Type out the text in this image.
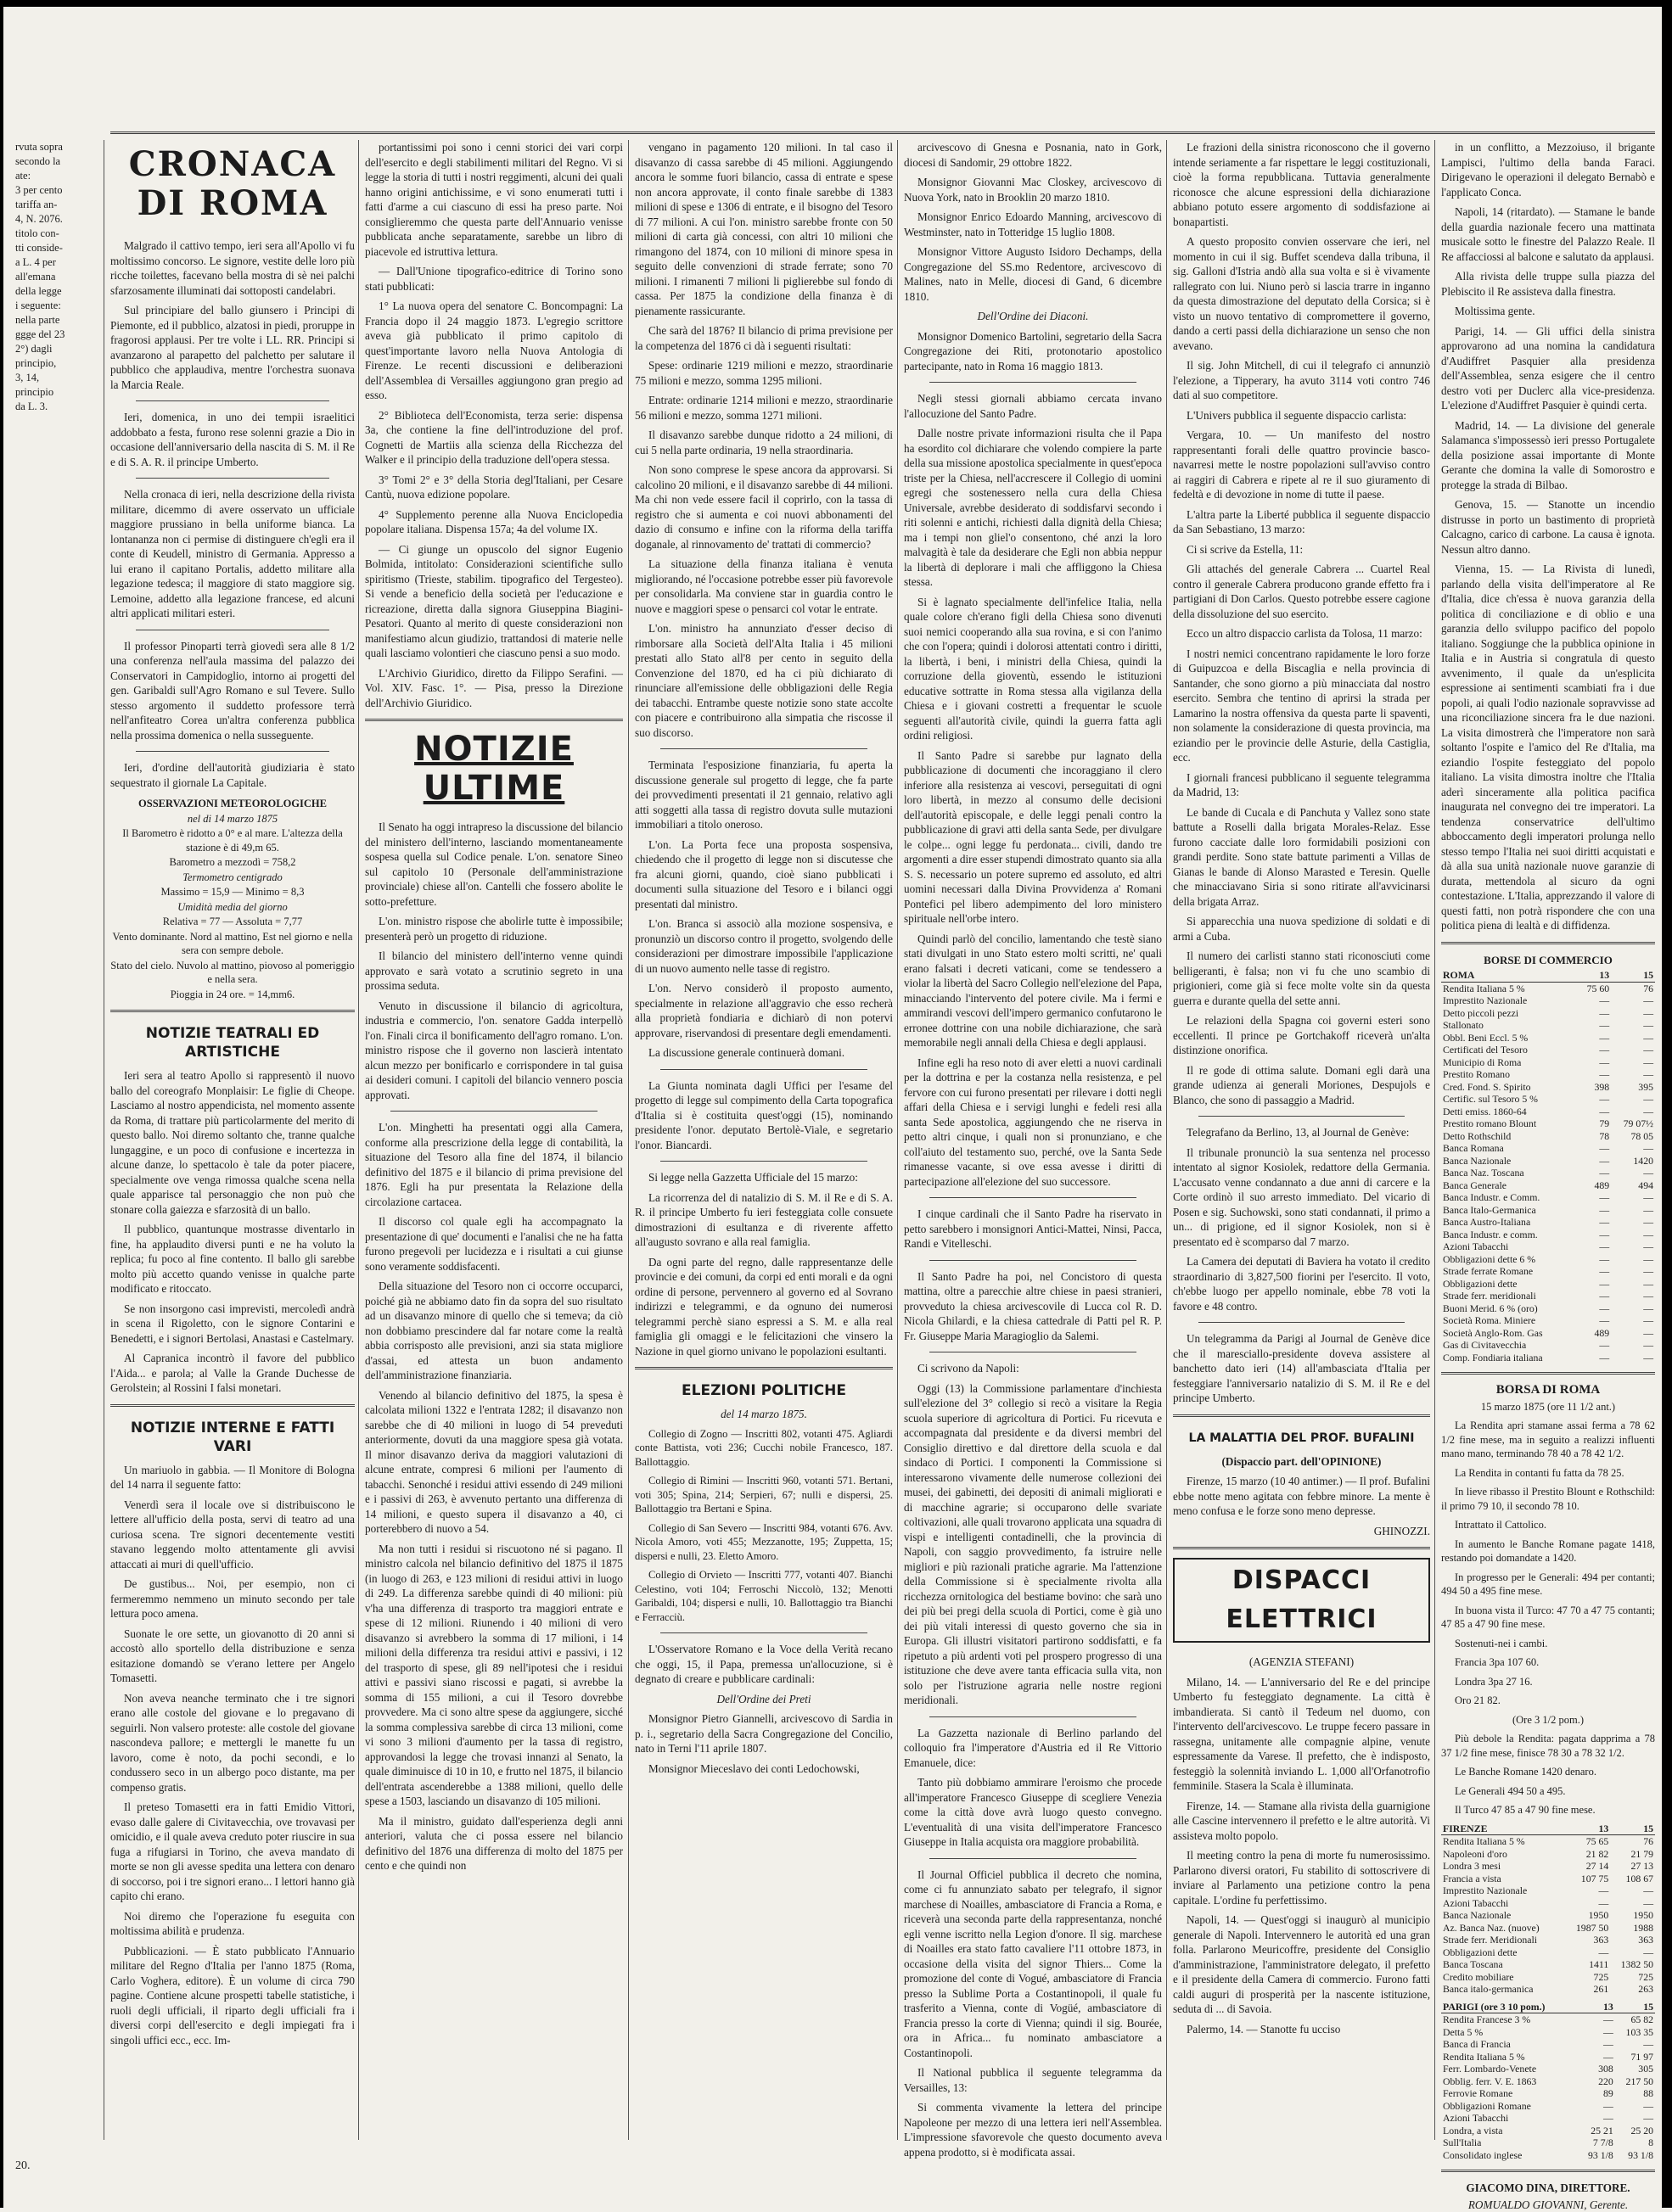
rvuta sopra
secondo la
ate:
3 per cento
tariffa an-
4, N. 2076.
titolo con-
tti conside-
a L. 4 per
all'emana
della legge
i seguente:
nella parte
ggge del 23
2°) dagli
principio,
3, 14,
principio
da L. 3.
CRONACA DI ROMA

Malgrado il cattivo tempo, ieri sera all'Apollo vi fu moltissimo concorso. Le signore, vestite delle loro più ricche toilettes, facevano bella mostra di sè nei palchi sfarzosamente illuminati dai sottoposti candelabri.

Sul principiare del ballo giunsero i Principi di Piemonte, ed il pubblico, alzatosi in piedi, proruppe in fragorosi applausi. Per tre volte i LL. RR. Principi si avanzarono al parapetto del palchetto per salutare il pubblico che applaudiva, mentre l'orchestra suonava la Marcia Reale.

Ieri, domenica, in uno dei tempii israelitici addobbato a festa, furono rese solenni grazie a Dio in occasione dell'anniversario della nascita di S. M. il Re e di S. A. R. il principe Umberto.

Nella cronaca di ieri, nella descrizione della rivista militare, dicemmo di avere osservato un ufficiale maggiore prussiano in bella uniforme bianca. La lontananza non ci permise di distinguere ch'egli era il conte di Keudell, ministro di Germania. Appresso a lui erano il capitano Portalis, addetto militare alla legazione tedesca; il maggiore di stato maggiore sig. Lemoine, addetto alla legazione francese, ed alcuni altri applicati militari esteri.

Il professor Pinoparti terrà giovedì sera alle 8 1/2 una conferenza nell'aula massima del palazzo dei Conservatori in Campidoglio, intorno ai progetti del gen. Garibaldi sull'Agro Romano e sul Tevere. Sullo stesso argomento il suddetto professore terrà nell'anfiteatro Corea un'altra conferenza pubblica nella prossima domenica o nella susseguente.

Ieri, d'ordine dell'autorità giudiziaria è stato sequestrato il giornale La Capitale.

OSSERVAZIONI METEOROLOGICHE
nel di 14 marzo 1875
Il Barometro è ridotto a 0° e al mare. L'altezza della stazione è di 49,m 65.
Barometro a mezzodì = 758,2
Termometro centigrado
Massimo = 15,9 — Minimo = 8,3
Umidità media del giorno
Relativa = 77 — Assoluta = 7,77
Vento dominante. Nord al mattino, Est nel giorno e nella sera con sempre debole.
Stato del cielo. Nuvolo al mattino, piovoso al pomeriggio e nella sera.
Pioggia in 24 ore. = 14,mm6.
NOTIZIE TEATRALI ED ARTISTICHE

Ieri sera al teatro Apollo si rappresentò il nuovo ballo del coreografo Monplaisir: Le figlie di Cheope. Lasciamo al nostro appendicista, nel momento assente da Roma, di trattare più particolarmente del merito di questo ballo. Noi diremo soltanto che, tranne qualche lungaggine, e un poco di confusione e incertezza in alcune danze, lo spettacolo è tale da poter piacere, specialmente ove venga rimossa qualche scena nella quale apparisce tal personaggio che non può che stonare colla gaiezza e sfarzosità di un ballo.

Il pubblico, quantunque mostrasse diventarlo in fine, ha applaudito diversi punti e ne ha voluto la replica; fu poco al fine contento. Il ballo gli sarebbe molto più accetto quando venisse in qualche parte modificato e ritoccato.

Se non insorgono casi imprevisti, mercoledì andrà in scena il Rigoletto, con le signore Contarini e Benedetti, e i signori Bertolasi, Anastasi e Castelmary.

Al Capranica incontrò il favore del pubblico l'Aida... e parola; al Valle la Grande Duchesse de Gerolstein; al Rossini I falsi monetari.

NOTIZIE INTERNE E FATTI VARI

Un mariuolo in gabbia. — Il Monitore di Bologna del 14 narra il seguente fatto:

Venerdì sera il locale ove si distribuiscono le lettere all'ufficio della posta, servi di teatro ad una curiosa scena. Tre signori decentemente vestiti stavano leggendo molto attentamente gli avvisi attaccati ai muri di quell'ufficio.

De gustibus... Noi, per esempio, non ci fermeremmo nemmeno un minuto secondo per tale lettura poco amena.

Suonate le ore sette, un giovanotto di 20 anni si accostò allo sportello della distribuzione e senza esitazione domandò se v'erano lettere per Angelo Tomasetti.

Non aveva neanche terminato che i tre signori erano alle costole del giovane e lo pregavano di seguirli. Non valsero proteste: alle costole del giovane nascondeva pallore; e mettergli le manette fu un lavoro, come è noto, da pochi secondi, e lo condussero seco in un albergo poco distante, ma per compenso gratis.

Il preteso Tomasetti era in fatti Emidio Vittori, evaso dalle galere di Civitavecchia, ove trovavasi per omicidio, e il quale aveva creduto poter riuscire in sua fuga a rifugiarsi in Torino, che aveva mandato di morte se non gli avesse spedita una lettera con denaro di soccorso, poi i tre signori erano... I lettori hanno già capito chi erano.

Noi diremo che l'operazione fu eseguita con moltissima abilità e prudenza.

Pubblicazioni. — È stato pubblicato l'Annuario militare del Regno d'Italia per l'anno 1875 (Roma, Carlo Voghera, editore). È un volume di circa 790 pagine. Contiene alcune prospetti tabelle statistiche, i ruoli degli ufficiali, il riparto degli ufficiali fra i diversi corpi dell'esercito e degli impiegati fra i singoli uffici ecc., ecc. Im-

portantissimi poi sono i cenni storici dei vari corpi dell'esercito e degli stabilimenti militari del Regno. Vi si legge la storia di tutti i nostri reggimenti, alcuni dei quali hanno origini antichissime, e vi sono enumerati tutti i fatti d'arme a cui ciascuno di essi ha preso parte. Noi consiglieremmo che questa parte dell'Annuario venisse pubblicata anche separatamente, sarebbe un libro di piacevole ed istruttiva lettura.

— Dall'Unione tipografico-editrice di Torino sono stati pubblicati:

1° La nuova opera del senatore C. Boncompagni: La Francia dopo il 24 maggio 1873. L'egregio scrittore aveva già pubblicato il primo capitolo di quest'importante lavoro nella Nuova Antologia di Firenze. Le recenti discussioni e deliberazioni dell'Assemblea di Versailles aggiungono gran pregio ad esso.

2° Biblioteca dell'Economista, terza serie: dispensa 3a, che contiene la fine dell'introduzione del prof. Cognetti de Martiis alla scienza della Ricchezza del Walker e il principio della traduzione dell'opera stessa.

3° Tomi 2° e 3° della Storia degl'Italiani, per Cesare Cantù, nuova edizione popolare.

4° Supplemento perenne alla Nuova Enciclopedia popolare italiana. Dispensa 157a; 4a del volume IX.

— Ci giunge un opuscolo del signor Eugenio Bolmida, intitolato: Considerazioni scientifiche sullo spiritismo (Trieste, stabilim. tipografico del Tergesteo). Si vende a beneficio della società per l'educazione e ricreazione, diretta dalla signora Giuseppina Biagini-Pesatori. Quanto al merito di queste considerazioni non manifestiamo alcun giudizio, trattandosi di materie nelle quali lasciamo volontieri che ciascuno pensi a suo modo.

L'Archivio Giuridico, diretto da Filippo Serafini. — Vol. XIV. Fasc. 1°. — Pisa, presso la Direzione dell'Archivio Giuridico.

NOTIZIE ULTIME

Il Senato ha oggi intrapreso la discussione del bilancio del ministero dell'interno, lasciando momentaneamente sospesa quella sul Codice penale. L'on. senatore Sineo sul capitolo 10 (Personale dell'amministrazione provinciale) chiese all'on. Cantelli che fossero abolite le sotto-prefetture.

L'on. ministro rispose che abolirle tutte è impossibile; presenterà però un progetto di riduzione.

Il bilancio del ministero dell'interno venne quindi approvato e sarà votato a scrutinio segreto in una prossima seduta.

Venuto in discussione il bilancio di agricoltura, industria e commercio, l'on. senatore Gadda interpellò l'on. Finali circa il bonificamento dell'agro romano. L'on. ministro rispose che il governo non lascierà intentato alcun mezzo per bonificarlo e corrispondere in tal guisa ai desideri comuni. I capitoli del bilancio vennero poscia approvati.

L'on. Minghetti ha presentati oggi alla Camera, conforme alla prescrizione della legge di contabilità, la situazione del Tesoro alla fine del 1874, il bilancio definitivo del 1875 e il bilancio di prima previsione del 1876. Egli ha pur presentata la Relazione della circolazione cartacea.

Il discorso col quale egli ha accompagnato la presentazione di que' documenti e l'analisi che ne ha fatta furono pregevoli per lucidezza e i risultati a cui giunse sono veramente soddisfacenti.

Della situazione del Tesoro non ci occorre occuparci, poiché già ne abbiamo dato fin da sopra del suo risultato ad un disavanzo minore di quello che si temeva; da ciò non dobbiamo prescindere dal far notare come la realtà abbia corrisposto alle previsioni, anzi sia stata migliore d'assai, ed attesta un buon andamento dell'amministrazione finanziaria.

Venendo al bilancio definitivo del 1875, la spesa è calcolata milioni 1322 e l'entrata 1282; il disavanzo non sarebbe che di 40 milioni in luogo di 54 preveduti anteriormente, dovuti da una maggiore spesa già votata. Il minor disavanzo deriva da maggiori valutazioni di alcune entrate, compresi 6 milioni per l'aumento di tabacchi. Senonché i residui attivi essendo di 249 milioni e i passivi di 263, è avvenuto pertanto una differenza di 14 milioni, e questo supera il disavanzo a 40, ci porterebbero di nuovo a 54.

Ma non tutti i residui si riscuotono né si pagano. Il ministro calcola nel bilancio definitivo del 1875 il 1875 (in luogo di 263, e 123 milioni di residui attivi in luogo di 249. La differenza sarebbe quindi di 40 milioni: più v'ha una differenza di trasporto tra maggiori entrate e spese di 12 milioni. Riunendo i 40 milioni di vero disavanzo si avrebbero la somma di 17 milioni, i 14 milioni della differenza tra residui attivi e passivi, i 12 del trasporto di spese, gli 89 nell'ipotesi che i residui attivi e passivi siano riscossi e pagati, si avrebbe la somma di 155 milioni, a cui il Tesoro dovrebbe provvedere. Ma ci sono altre spese da aggiungere, sicché la somma complessiva sarebbe di circa 13 milioni, come vi sono 3 milioni d'aumento per la tassa di registro, approvandosi la legge che trovasi innanzi al Senato, la quale diminuisce di 10 in 10, e frutto nel 1875, il bilancio dell'entrata ascenderebbe a 1388 milioni, quello delle spese a 1503, lasciando un disavanzo di 105 milioni.

Ma il ministro, guidato dall'esperienza degli anni anteriori, valuta che ci possa essere nel bilancio definitivo del 1876 una differenza di molto del 1875 per cento e che quindi non

vengano in pagamento 120 milioni. In tal caso il disavanzo di cassa sarebbe di 45 milioni. Aggiungendo ancora le somme fuori bilancio, cassa di entrate e spese non ancora approvate, il conto finale sarebbe di 1383 milioni di spese e 1306 di entrate, e il bisogno del Tesoro di 77 milioni. A cui l'on. ministro sarebbe fronte con 50 milioni di carta già concessi, con altri 10 milioni che rimangono del 1874, con 10 milioni di minore spesa in seguito delle convenzioni di strade ferrate; sono 70 milioni. I rimanenti 7 milioni li piglierebbe sul fondo di cassa. Per 1875 la condizione della finanza è di pienamente rassicurante.

Che sarà del 1876? Il bilancio di prima previsione per la competenza del 1876 ci dà i seguenti risultati:

Spese: ordinarie 1219 milioni e mezzo, straordinarie 75 milioni e mezzo, somma 1295 milioni.

Entrate: ordinarie 1214 milioni e mezzo, straordinarie 56 milioni e mezzo, somma 1271 milioni.

Il disavanzo sarebbe dunque ridotto a 24 milioni, di cui 5 nella parte ordinaria, 19 nella straordinaria.

Non sono comprese le spese ancora da approvarsi. Si calcolino 20 milioni, e il disavanzo sarebbe di 44 milioni. Ma chi non vede essere facil il coprirlo, con la tassa di registro che si aumenta e coi nuovi abbonamenti del dazio di consumo e infine con la riforma della tariffa doganale, al rinnovamento de' trattati di commercio?

La situazione della finanza italiana è venuta migliorando, né l'occasione potrebbe esser più favorevole per consolidarla. Ma conviene star in guardia contro le nuove e maggiori spese o pensarci col votar le entrate.

L'on. ministro ha annunziato d'esser deciso di rimborsare alla Società dell'Alta Italia i 45 milioni prestati allo Stato all'8 per cento in seguito della Convenzione del 1870, ed ha ci più dichiarato di rinunciare all'emissione delle obbligazioni delle Regia dei tabacchi. Entrambe queste notizie sono state accolte con piacere e contribuirono alla simpatia che riscosse il suo discorso.

Terminata l'esposizione finanziaria, fu aperta la discussione generale sul progetto di legge, che fa parte dei provvedimenti presentati il 21 gennaio, relativo agli atti soggetti alla tassa di registro dovuta sulle mutazioni immobiliari a titolo oneroso.

L'on. La Porta fece una proposta sospensiva, chiedendo che il progetto di legge non si discutesse che fra alcuni giorni, quando, cioè siano pubblicati i documenti sulla situazione del Tesoro e i bilanci oggi presentati dal ministro.

L'on. Branca si associò alla mozione sospensiva, e pronunziò un discorso contro il progetto, svolgendo delle considerazioni per dimostrare impossibile l'applicazione di un nuovo aumento nelle tasse di registro.

L'on. Nervo considerò il proposto aumento, specialmente in relazione all'aggravio che esso recherà alla proprietà fondiaria e dichiarò di non potervi approvare, riservandosi di presentare degli emendamenti.

La discussione generale continuerà domani.

La Giunta nominata dagli Uffici per l'esame del progetto di legge sul compimento della Carta topografica d'Italia si è costituita quest'oggi (15), nominando presidente l'onor. deputato Bertolè-Viale, e segretario l'onor. Biancardi.

Si legge nella Gazzetta Ufficiale del 15 marzo:

La ricorrenza del di natalizio di S. M. il Re e di S. A. R. il principe Umberto fu ieri festeggiata colle consuete dimostrazioni di esultanza e di riverente affetto all'augusto sovrano e alla real famiglia.

Da ogni parte del regno, dalle rappresentanze delle provincie e dei comuni, da corpi ed enti morali e da ogni ordine di persone, pervennero al governo ed al Sovrano indirizzi e telegrammi, e da ognuno dei numerosi telegrammi perchè siano espressi a S. M. e alla real famiglia gli omaggi e le felicitazioni che vinsero la Nazione in quel giorno univano le popolazioni esultanti.

ELEZIONI POLITICHE

del 14 marzo 1875.

Collegio di Zogno — Inscritti 802, votanti 475. Agliardi conte Battista, voti 236; Cucchi nobile Francesco, 187. Ballottaggio.

Collegio di Rimini — Inscritti 960, votanti 571. Bertani, voti 305; Spina, 214; Serpieri, 67; nulli e dispersi, 25. Ballottaggio tra Bertani e Spina.

Collegio di San Severo — Inscritti 984, votanti 676. Avv. Nicola Amoro, voti 455; Mezzanotte, 195; Zuppetta, 15; dispersi e nulli, 23. Eletto Amoro.

Collegio di Orvieto — Inscritti 777, votanti 407. Bianchi Celestino, voti 104; Ferroschi Niccolò, 132; Menotti Garibaldi, 104; dispersi e nulli, 10. Ballottaggio tra Bianchi e Ferracciù.

L'Osservatore Romano e la Voce della Verità recano che oggi, 15, il Papa, premessa un'allocuzione, si è degnato di creare e pubblicare cardinali:

Dell'Ordine dei Preti

Monsignor Pietro Giannelli, arcivescovo di Sardia in p. i., segretario della Sacra Congregazione del Concilio, nato in Terni l'11 aprile 1807.

Monsignor Mieceslavo dei conti Ledochowski,

arcivescovo di Gnesna e Posnania, nato in Gork, diocesi di Sandomir, 29 ottobre 1822.

Monsignor Giovanni Mac Closkey, arcivescovo di Nuova York, nato in Brooklin 20 marzo 1810.

Monsignor Enrico Edoardo Manning, arcivescovo di Westminster, nato in Totteridge 15 luglio 1808.

Monsignor Vittore Augusto Isidoro Dechamps, della Congregazione del SS.mo Redentore, arcivescovo di Malines, nato in Melle, diocesi di Gand, 6 dicembre 1810.

Dell'Ordine dei Diaconi.

Monsignor Domenico Bartolini, segretario della Sacra Congregazione dei Riti, protonotario apostolico partecipante, nato in Roma 16 maggio 1813.

Negli stessi giornali abbiamo cercata invano l'allocuzione del Santo Padre.

Dalle nostre private informazioni risulta che il Papa ha esordito col dichiarare che volendo compiere la parte della sua missione apostolica specialmente in quest'epoca triste per la Chiesa, nell'accrescere il Collegio di uomini egregi che sostenessero nella cura della Chiesa Universale, avrebbe desiderato di soddisfarvi secondo i riti solenni e antichi, richiesti dalla dignità della Chiesa; ma i tempi non gliel'o consentono, ché anzi la loro malvagità è tale da desiderare che Egli non abbia neppur la libertà di deplorare i mali che affliggono la Chiesa stessa.

Si è lagnato specialmente dell'infelice Italia, nella quale colore ch'erano figli della Chiesa sono divenuti suoi nemici cooperando alla sua rovina, e si con l'animo che con l'opera; quindi i dolorosi attentati contro i diritti, la libertà, i beni, i ministri della Chiesa, quindi la corruzione della gioventù, essendo le istituzioni educative sottratte in Roma stessa alla vigilanza della Chiesa e i giovani costretti a frequentar le scuole seguenti all'autorità civile, quindi la guerra fatta agli ordini religiosi.

Il Santo Padre si sarebbe pur lagnato della pubblicazione di documenti che incoraggiano il clero inferiore alla resistenza ai vescovi, perseguitati di ogni loro libertà, in mezzo al consumo delle decisioni dell'autorità episcopale, e delle leggi penali contro la pubblicazione di gravi atti della santa Sede, per divulgare le colpe... ogni legge fu perdonata... civili, dando tre argomenti a dire esser stupendi dimostrato quanto sia alla S. S. necessario un potere supremo ed assoluto, ed altri uomini necessari dalla Divina Provvidenza a' Romani Pontefici pel libero adempimento del loro ministero spirituale nell'orbe intero.

Quindi parlò del concilio, lamentando che testè siano stati divulgati in uno Stato estero molti scritti, ne' quali erano falsati i decreti vaticani, come se tendessero a violar la libertà del Sacro Collegio nell'elezione del Papa, minacciando l'intervento del potere civile. Ma i fermi e ammirandi vescovi dell'impero germanico confutarono le erronee dottrine con una nobile dichiarazione, che sarà memorabile negli annali della Chiesa e degli applausi.

Infine egli ha reso noto di aver eletti a nuovi cardinali per la dottrina e per la costanza nella resistenza, e pel fervore con cui furono presentati per rilevare i dotti negli affari della Chiesa e i servigi lunghi e fedeli resi alla santa Sede apostolica, aggiungendo che ne riserva in petto altri cinque, i quali non si pronunziano, e che coll'aiuto del testamento suo, perché, ove la Santa Sede rimanesse vacante, si ove essa avesse i diritti di partecipazione all'elezione del suo successore.

I cinque cardinali che il Santo Padre ha riservato in petto sarebbero i monsignori Antici-Mattei, Ninsi, Pacca, Randi e Vitelleschi.

Il Santo Padre ha poi, nel Concistoro di questa mattina, oltre a parecchie altre chiese in paesi stranieri, provveduto la chiesa arcivescovile di Lucca col R. D. Nicola Ghilardi, e la chiesa cattedrale di Patti pel R. P. Fr. Giuseppe Maria Maragioglio da Salemi.

Ci scrivono da Napoli:

Oggi (13) la Commissione parlamentare d'inchiesta sull'elezione del 3° collegio si recò a visitare la Regia scuola superiore di agricoltura di Portici. Fu ricevuta e accompagnata dal presidente e da diversi membri del Consiglio direttivo e dal direttore della scuola e dal sindaco di Portici. I componenti la Commissione si interessarono vivamente delle numerose collezioni dei musei, dei gabinetti, dei depositi di animali migliorati e di macchine agrarie; si occuparono delle svariate coltivazioni, alle quali trovarono applicata una squadra di vispi e intelligenti contadinelli, che la provincia di Napoli, con saggio provvedimento, fa istruire nelle migliori e più razionali pratiche agrarie. Ma l'attenzione della Commissione si è specialmente rivolta alla ricchezza ornitologica del bestiame bovino: che sarà uno dei più bei pregi della scuola di Portici, come è già uno dei più vitali interessi di questo governo che sia in Europa. Gli illustri visitatori partirono soddisfatti, e fa ripetuto a più ardenti voti pel prospero progresso di una istituzione che deve avere tanta efficacia sulla vita, non solo per l'istruzione agraria nelle nostre regioni meridionali.

La Gazzetta nazionale di Berlino parlando del colloquio fra l'imperatore d'Austria ed il Re Vittorio Emanuele, dice:

Tanto più dobbiamo ammirare l'eroismo che procede all'imperatore Francesco Giuseppe di scegliere Venezia come la città dove avrà luogo questo convegno. L'eventualità di una visita dell'imperatore Francesco Giuseppe in Italia acquista ora maggiore probabilità.

Il Journal Officiel pubblica il decreto che nomina, come ci fu annunziato sabato per telegrafo, il signor marchese di Noailles, ambasciatore di Francia a Roma, e riceverà una seconda parte della rappresentanza, nonché egli venne iscritto nella Legion d'onore. Il sig. marchese di Noailles era stato fatto cavaliere l'11 ottobre 1873, in occasione della visita del signor Thiers... Come la promozione del conte di Vogué, ambasciatore di Francia presso la Sublime Porta a Costantinopoli, il quale fu trasferito a Vienna, conte di Vogüé, ambasciatore di Francia presso la corte di Vienna; quindi il sig. Bourée, ora in Africa... fu nominato ambasciatore a Costantinopoli.

Il National pubblica il seguente telegramma da Versailles, 13:

Si commenta vivamente la lettera del principe Napoleone per mezzo di una lettera ieri nell'Assemblea. L'impressione sfavorevole che questo documento aveva appena prodotto, si è modificata assai.

Le frazioni della sinistra riconoscono che il governo intende seriamente a far rispettare le leggi costituzionali, cioè la forma repubblicana. Tuttavia generalmente riconosce che alcune espressioni della dichiarazione abbiano potuto essere argomento di soddisfazione ai bonapartisti.

A questo proposito convien osservare che ieri, nel momento in cui il sig. Buffet scendeva dalla tribuna, il sig. Galloni d'Istria andò alla sua volta e si è vivamente rallegrato con lui. Niuno però si lascia trarre in inganno da questa dimostrazione del deputato della Corsica; si è visto un nuovo tentativo di compromettere il governo, dando a certi passi della dichiarazione un senso che non avevano.

Il sig. John Mitchell, di cui il telegrafo ci annunziò l'elezione, a Tipperary, ha avuto 3114 voti contro 746 dati al suo competitore.

L'Univers pubblica il seguente dispaccio carlista:

Vergara, 10. — Un manifesto del nostro rappresentanti forali delle quattro provincie basco-navarresi mette le nostre popolazioni sull'avviso contro ai raggiri di Cabrera e ripete al re il suo giuramento di fedeltà e di devozione in nome di tutte il paese.

L'altra parte la Liberté pubblica il seguente dispaccio da San Sebastiano, 13 marzo:

Ci si scrive da Estella, 11:

Gli attachés del generale Cabrera ... Cuartel Real contro il generale Cabrera producono grande effetto fra i partigiani di Don Carlos. Questo potrebbe essere cagione della dissoluzione del suo esercito.

Ecco un altro dispaccio carlista da Tolosa, 11 marzo:

I nostri nemici concentrano rapidamente le loro forze di Guipuzcoa e della Biscaglia e nella provincia di Santander, che sono giorno a più minacciata dal nostro esercito. Sembra che tentino di aprirsi la strada per Lamarino la nostra offensiva da questa parte li spaventi, non solamente la considerazione di questa provincia, ma eziandio per le provincie delle Asturie, della Castiglia, ecc.

I giornali francesi pubblicano il seguente telegramma da Madrid, 13:

Le bande di Cucala e di Panchuta y Vallez sono state battute a Roselli dalla brigata Morales-Relaz. Esse furono cacciate dalle loro formidabili posizioni con grandi perdite. Sono state battute parimenti a Villas de Gianas le bande di Alonso Marasted e Teresin. Quelle che minacciavano Siria si sono ritirate all'avvicinarsi della brigata Arraz.

Si apparecchia una nuova spedizione di soldati e di armi a Cuba.

Il numero dei carlisti stanno stati riconosciuti come belligeranti, è falsa; non vi fu che uno scambio di prigionieri, come già si fece molte volte sin da questa guerra e durante quella del sette anni.

Le relazioni della Spagna coi governi esteri sono eccellenti. Il prince pe Gortchakoff riceverà un'alta distinzione onorifica.

Il re gode di ottima salute. Domani egli darà una grande udienza ai generali Moriones, Despujols e Blanco, che sono di passaggio a Madrid.

Telegrafano da Berlino, 13, al Journal de Genève:

Il tribunale pronunciò la sua sentenza nel processo intentato al signor Kosiolek, redattore della Germania. L'accusato venne condannato a due anni di carcere e la Corte ordinò il suo arresto immediato. Del vicario di Posen e sig. Suchowski, sono stati condannati, il primo a un... di prigione, ed il signor Kosiolek, non si è presentato ed è scomparso dal 7 marzo.

La Camera dei deputati di Baviera ha votato il credito straordinario di 3,827,500 fiorini per l'esercito. Il voto, ch'ebbe luogo per appello nominale, ebbe 78 voti la favore e 48 contro.

Un telegramma da Parigi al Journal de Genève dice che il maresciallo-presidente doveva assistere al banchetto dato ieri (14) all'ambasciata d'Italia per festeggiare l'anniversario natalizio di S. M. il Re e del principe Umberto.

LA MALATTIA DEL PROF. BUFALINI

(Dispaccio part. dell'OPINIONE)

Firenze, 15 marzo (10 40 antimer.) — Il prof. Bufalini ebbe notte meno agitata con febbre minore. La mente è meno confusa e le forze sono meno depresse.

GHINOZZI.

DISPACCI ELETTRICI

(AGENZIA STEFANI)

Milano, 14. — L'anniversario del Re e del principe Umberto fu festeggiato degnamente. La città è imbandierata. Si cantò il Tedeum nel duomo, con l'intervento dell'arcivescovo. Le truppe fecero passare in rassegna, unitamente alle compagnie alpine, venute espressamente da Varese. Il prefetto, che è indisposto, festeggiò la solennità inviando L. 1,000 all'Orfanotrofio femminile. Stasera la Scala è illuminata.

Firenze, 14. — Stamane alla rivista della guarnigione alle Cascine intervennero il prefetto e le altre autorità. Vi assisteva molto popolo.

Il meeting contro la pena di morte fu numerosissimo. Parlarono diversi oratori, Fu stabilito di sottoscrivere di inviare al Parlamento una petizione contro la pena capitale. L'ordine fu perfettissimo.

Napoli, 14. — Quest'oggi si inaugurò al municipio generale di Napoli. Intervennero le autorità ed una gran folla. Parlarono Meuricoffre, presidente del Consiglio d'amministrazione, l'amministratore delegato, il prefetto e il presidente della Camera di commercio. Furono fatti caldi auguri di prosperità per la nascente istituzione, seduta di ... di Savoia.

Palermo, 14. — Stanotte fu ucciso

in un conflitto, a Mezzoiuso, il brigante Lampisci, l'ultimo della banda Faraci. Dirigevano le operazioni il delegato Bernabò e l'applicato Conca.

Napoli, 14 (ritardato). — Stamane le bande della guardia nazionale fecero una mattinata musicale sotto le finestre del Palazzo Reale. Il Re affacciossi al balcone e salutato da applausi.

Alla rivista delle truppe sulla piazza del Plebiscito il Re assisteva dalla finestra.

Moltissima gente.

Parigi, 14. — Gli uffici della sinistra approvarono ad una nomina la candidatura d'Audiffret Pasquier alla presidenza dell'Assemblea, senza esigere che il centro destro voti per Duclerc alla vice-presidenza. L'elezione d'Audiffret Pasquier è quindi certa.

Madrid, 14. — La divisione del generale Salamanca s'impossessò ieri presso Portugalete della posizione assai importante di Monte Gerante che domina la valle di Somorostro e protegge la strada di Bilbao.

Genova, 15. — Stanotte un incendio distrusse in porto un bastimento di proprietà Calcagno, carico di carbone. La causa è ignota. Nessun altro danno.

Vienna, 15. — La Rivista di lunedì, parlando della visita dell'imperatore al Re d'Italia, dice ch'essa è nuova garanzia della politica di conciliazione e di oblio e una garanzia dello sviluppo pacifico del popolo italiano. Soggiunge che la pubblica opinione in Italia e in Austria si congratula di questo avvenimento, il quale da un'esplicita espressione ai sentimenti scambiati fra i due popoli, ai quali l'odio nazionale sopravvisse ad una riconciliazione sincera fra le due nazioni. La visita dimostrerà che l'imperatore non sarà soltanto l'ospite e l'amico del Re d'Italia, ma eziandio l'ospite festeggiato del popolo italiano. La visita dimostra inoltre che l'Italia aderì sinceramente alla politica pacifica inaugurata nel convegno dei tre imperatori. La tendenza conservatrice dell'ultimo abboccamento degli imperatori prolunga nello stesso tempo l'Italia nei suoi diritti acquistati e dà alla sua unità nazionale nuove garanzie di durata, mettendola al sicuro da ogni contestazione. L'Italia, apprezzando il valore di questi fatti, non potrà rispondere che con una politica piena di lealtà e di diffidenza.

BORSE DI COMMERCIO
ROMA	13	15
Rendita Italiana 5 %	75 60	76
Imprestito Nazionale	—	—
Detto piccoli pezzi	—	—
Stallonato	—	—
Obbl. Beni Eccl. 5 %	—	—
Certificati del Tesoro	—	—
Municipio di Roma	—	—
Prestito Romano	—	—
Cred. Fond. S. Spirito	398	395
Certific. sul Tesoro 5 %	—	—
Detti emiss. 1860-64	—	—
Prestito romano Blount	79	79 07½
Detto Rothschild	78	78 05
Banca Romana	—	—
Banca Nazionale	—	1420
Banca Naz. Toscana	—	—
Banca Generale	489	494
Banca Industr. e Comm.	—	—
Banca Italo-Germanica	—	—
Banca Austro-Italiana	—	—
Banca Industr. e comm.	—	—
Azioni Tabacchi	—	—
Obbligazioni dette 6 %	—	—
Strade ferrate Romane	—	—
Obbligazioni dette	—	—
Strade ferr. meridionali	—	—
Buoni Merid. 6 % (oro)	—	—
Società Roma. Miniere	—	—
Società Anglo-Rom. Gas	489	—
Gas di Civitavecchia	—	—
Comp. Fondiaria italiana	—	—
BORSA DI ROMA

15 marzo 1875 (ore 11 1/2 ant.)

La Rendita apri stamane assai ferma a 78 62 1/2 fine mese, ma in seguito a realizzi influenti mano mano, terminando 78 40 a 78 42 1/2.

La Rendita in contanti fu fatta da 78 25.

In lieve ribasso il Prestito Blount e Rothschild: il primo 79 10, il secondo 78 10.

Intrattato il Cattolico.

In aumento le Banche Romane pagate 1418, restando poi domandate a 1420.

In progresso per le Generali: 494 per contanti; 494 50 a 495 fine mese.

In buona vista il Turco: 47 70 a 47 75 contanti; 47 85 a 47 90 fine mese.

Sostenuti-nei i cambi.

Francia 3pa 107 60.

Londra 3pa 27 16.

Oro 21 82.

(Ore 3 1/2 pom.)

Più debole la Rendita: pagata dapprima a 78 37 1/2 fine mese, finisce 78 30 a 78 32 1/2.

Le Banche Romane 1420 denaro.

Le Generali 494 50 a 495.

Il Turco 47 85 a 47 90 fine mese.

FIRENZE	13	15
Rendita Italiana 5 %	75 65	76
Napoleoni d'oro	21 82	21 79
Londra 3 mesi	27 14	27 13
Francia a vista	107 75	108 67
Imprestito Nazionale	—	—
Azioni Tabacchi	—	—
Banca Nazionale	1950	1950
Az. Banca Naz. (nuove)	1987 50	1988
Strade ferr. Meridionali	363	363
Obbligazioni dette	—	—
Banca Toscana	1411	1382 50
Credito mobiliare	725	725
Banca italo-germanica	261	263
PARIGI (ore 3 10 pom.)	13	15
Rendita Francese 3 %	—	65 82
Detta 5 %	—	103 35
Banca di Francia	—	—
Rendita Italiana 5 %	—	71 97
Ferr. Lombardo-Venete	308	305
Obblig. ferr. V. E. 1863	220	217 50
Ferrovie Romane	89	88
Obbligazioni Romane	—	—
Azioni Tabacchi	—	—
Londra, a vista	25 21	25 20
Sull'Italia	7 7/8	8
Consolidato inglese	93 1/8	93 1/8
GIACOMO DINA, DIRETTORE.
ROMUALDO GIOVANNI, Gerente.
20.
